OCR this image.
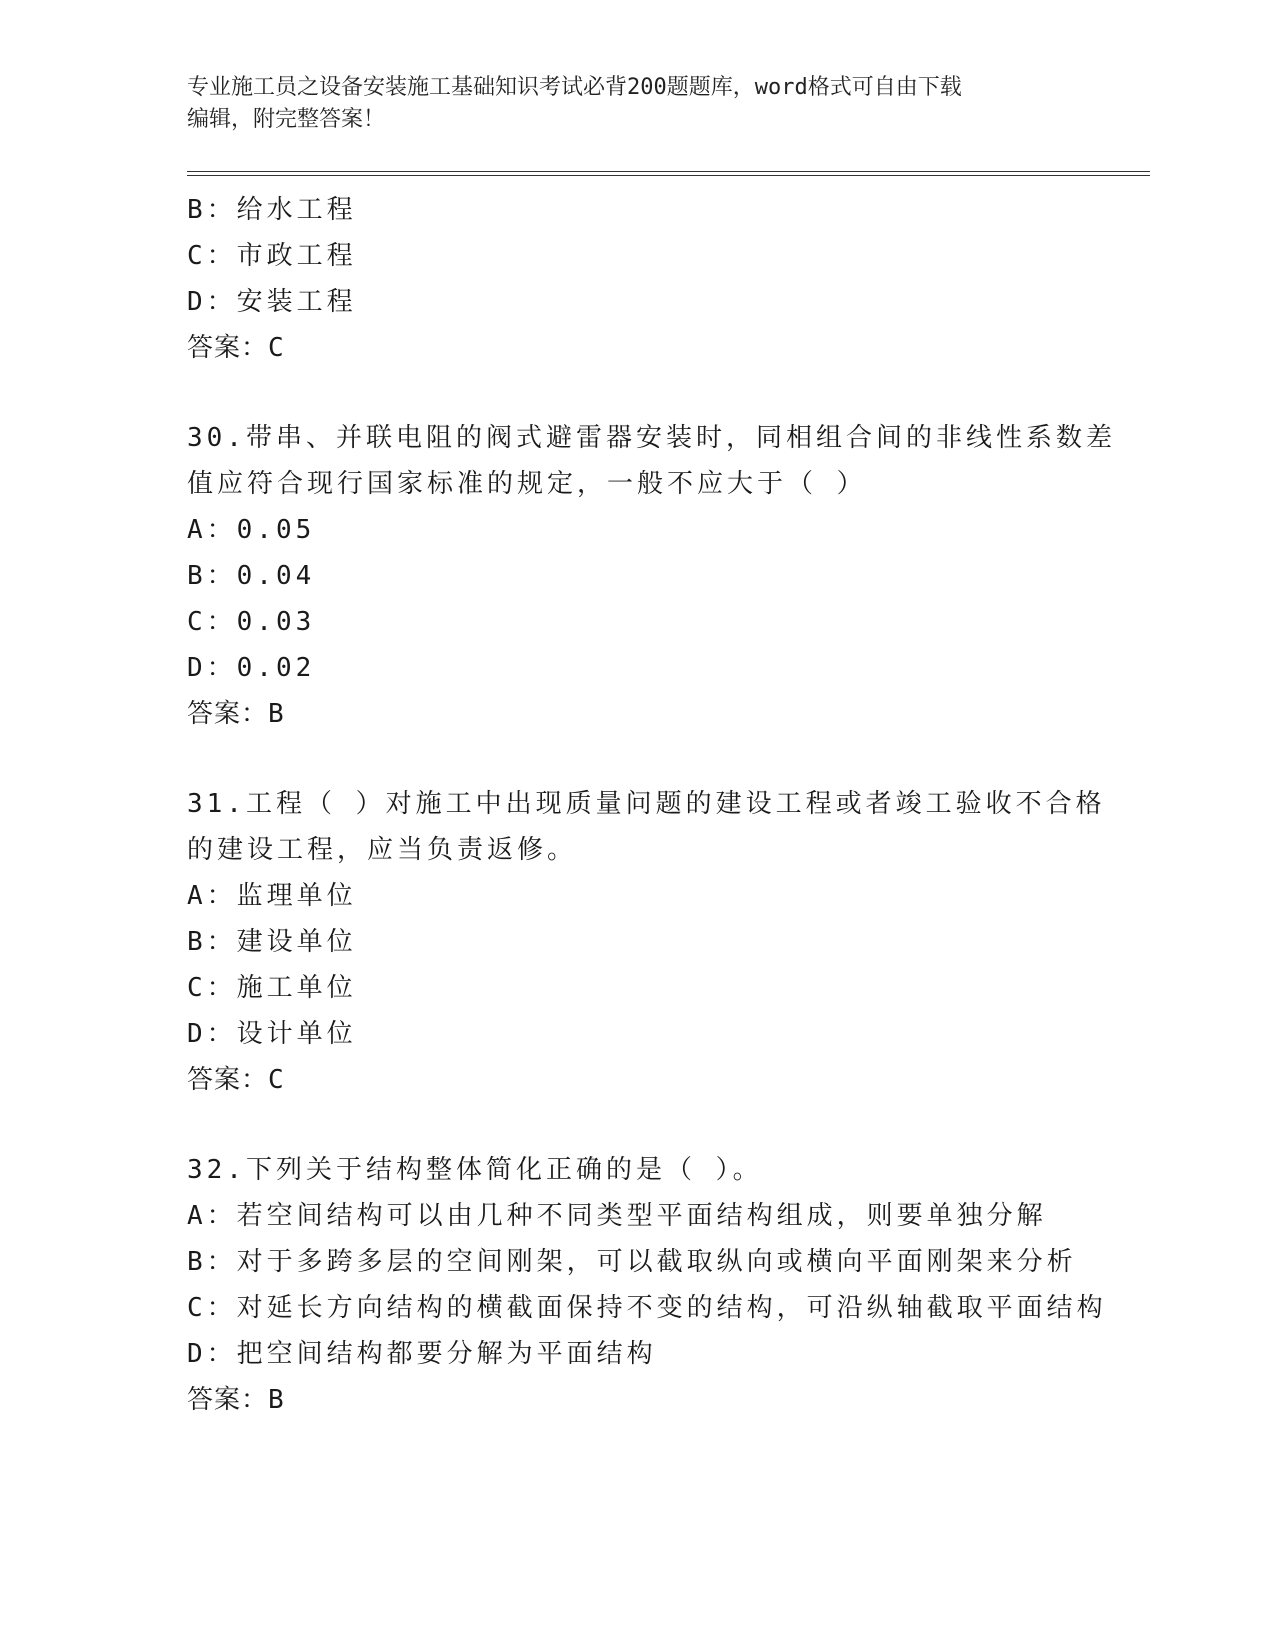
专业施工员之设备安装施工基础知识考试必背200题题库，word格式可自由下载
编辑，附完整答案！
B：给水工程
C：市政工程
D：安装工程
答案：C
30.带串、并联电阻的阀式避雷器安装时，同相组合间的非线性系数差
值应符合现行国家标准的规定，一般不应大于（ ）
A：0.05
B：0.04
C：0.03
D：0.02
答案：B
31.工程（ ）对施工中出现质量问题的建设工程或者竣工验收不合格
的建设工程，应当负责返修。
A：监理单位
B：建设单位
C：施工单位
D：设计单位
答案：C
32.下列关于结构整体简化正确的是（ ）。
A：若空间结构可以由几种不同类型平面结构组成，则要单独分解
B：对于多跨多层的空间刚架，可以截取纵向或横向平面刚架来分析
C：对延长方向结构的横截面保持不变的结构，可沿纵轴截取平面结构
D：把空间结构都要分解为平面结构
答案：B
